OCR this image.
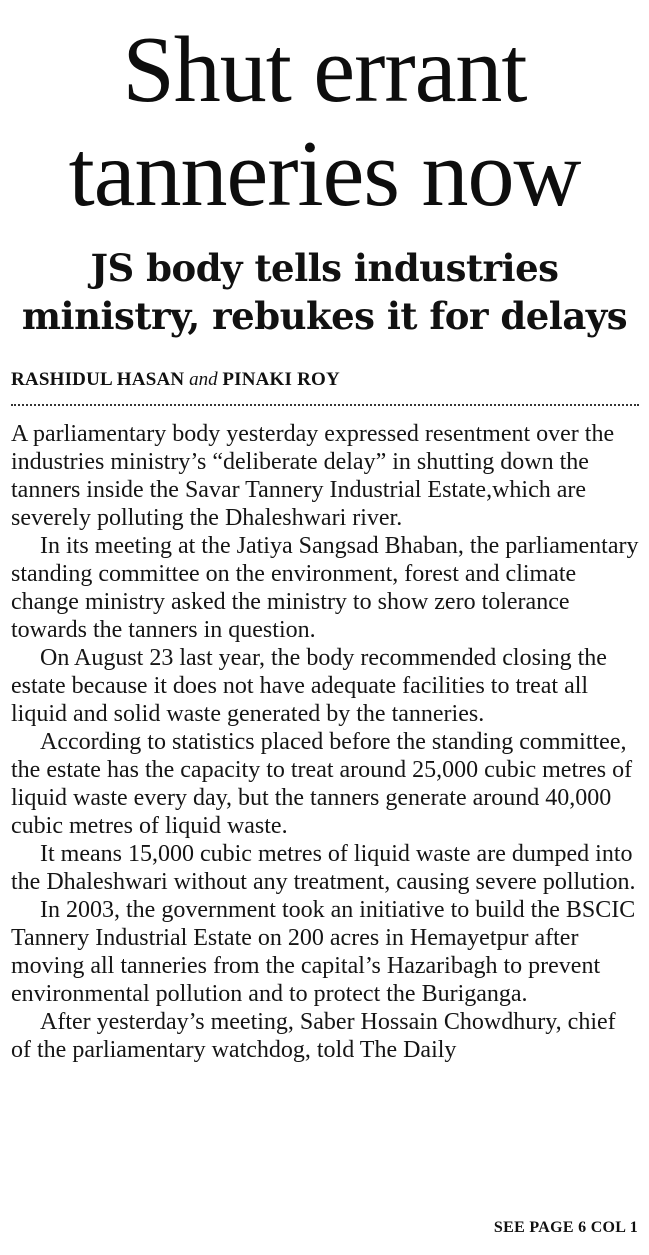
Shut errant
tanneries now
JS body tells industries
ministry, rebukes it for delays
RASHIDUL HASAN and PINAKI ROY

A parliamentary body yesterday expressed resentment over the industries ministry’s “deliberate delay” in shutting down the tanners inside the Savar Tannery Industrial Estate,which are severely polluting the Dhaleshwari river.

In its meeting at the Jatiya Sangsad Bhaban, the parliamentary standing committee on the environment, forest and climate change ministry asked the ministry to show zero tolerance towards the tanners in question.

On August 23 last year, the body recommended closing the estate because it does not have adequate facilities to treat all liquid and solid waste generated by the tanneries.

According to statistics placed before the standing committee, the estate has the capacity to treat around 25,000 cubic metres of liquid waste every day, but the tanners generate around 40,000 cubic metres of liquid waste.

It means 15,000 cubic metres of liquid waste are dumped into the Dhaleshwari without any treatment, causing severe pollution.

In 2003, the government took an initiative to build the BSCIC Tannery Industrial Estate on 200 acres in Hemayetpur after moving all tanneries from the capital’s Hazaribagh to prevent environmental pollution and to protect the Buriganga.

After yesterday’s meeting, Saber Hossain Chowdhury, chief of the parliamentary watchdog, told The Daily

SEE PAGE 6 COL 1
